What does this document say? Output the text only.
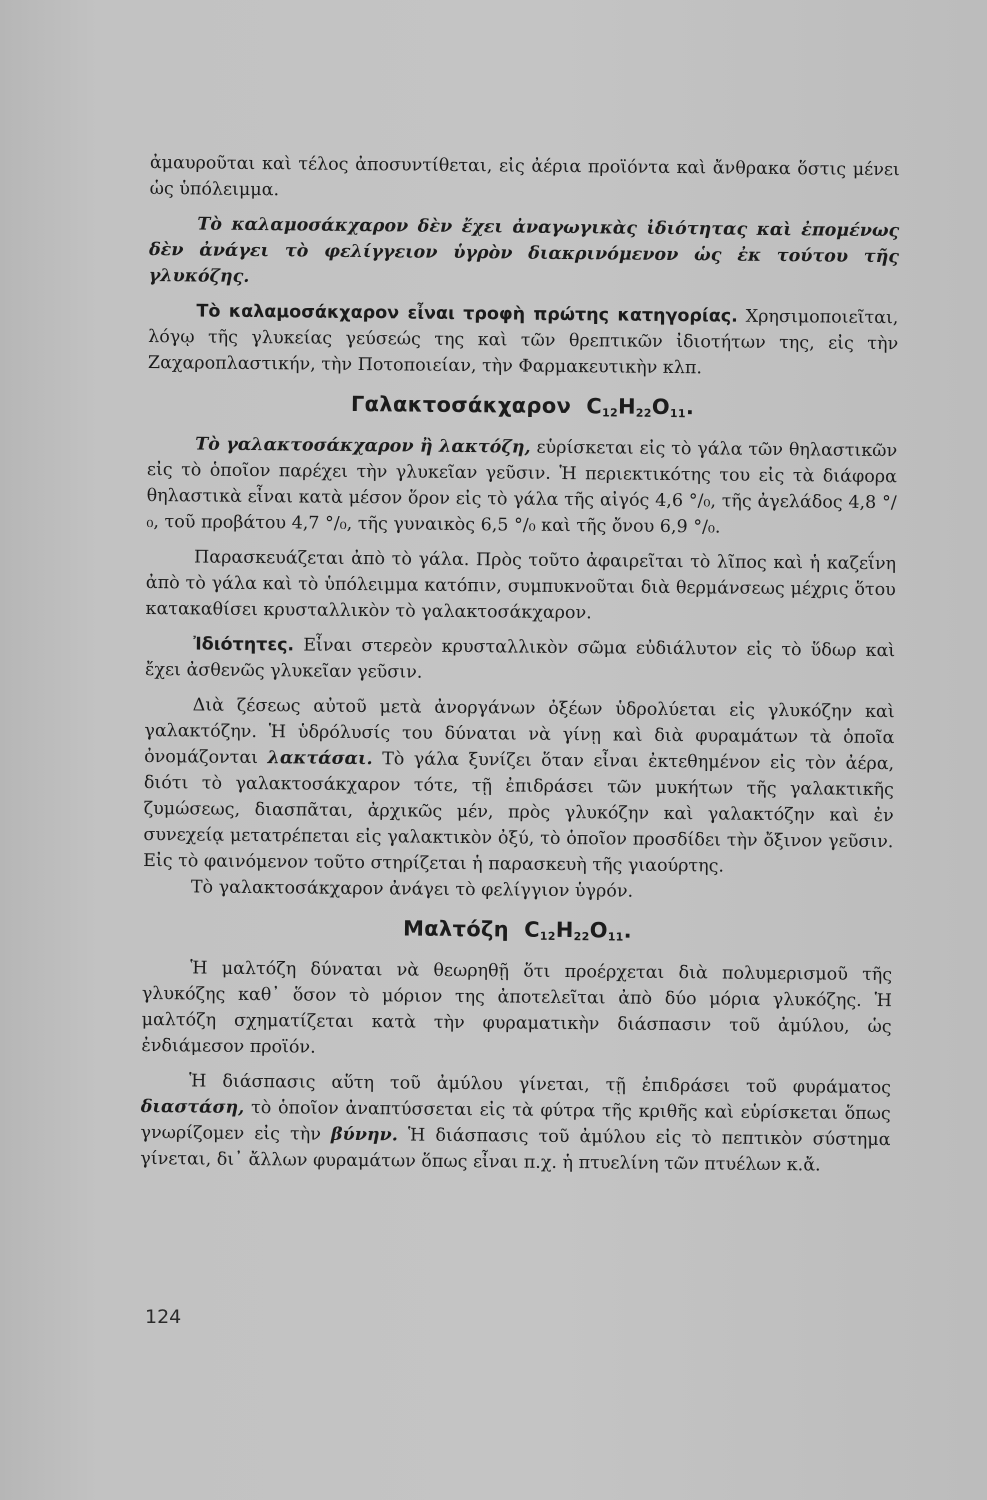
ἀμαυροῦται καὶ τέλος ἀποσυντίθεται, εἰς ἀέρια προϊόντα καὶ ἄνθρακα ὅστις μένει ὡς ὑπόλειμμα.

Τὸ καλαμοσάκχαρον δὲν ἔχει ἀναγωγικὰς ἰδιότητας καὶ ἐπομένως δὲν ἀνάγει τὸ φελίγγειον ὑγρὸν διακρινόμενον ὡς ἐκ τούτου τῆς γλυκόζης.

Τὸ καλαμοσάκχαρον εἶναι τροφὴ πρώτης κατηγορίας. Χρησιμοποιεῖται, λόγῳ τῆς γλυκείας γεύσεώς της καὶ τῶν θρεπτικῶν ἰδιοτήτων της, εἰς τὴν Ζαχαροπλαστικήν, τὴν Ποτοποιείαν, τὴν Φαρμακευτικὴν κλπ.

Γαλακτοσάκχαρον $C_{12}H_{22}O_{11}$.

Τὸ γαλακτοσάκχαρον ἢ λακτόζη, εὑρίσκεται εἰς τὸ γάλα τῶν θηλαστικῶν εἰς τὸ ὁποῖον παρέχει τὴν γλυκεῖαν γεῦσιν. Ἡ περιεκτικότης του εἰς τὰ διάφορα θηλαστικὰ εἶναι κατὰ μέσον ὅρον εἰς τὸ γάλα τῆς αἰγός 4,6 °/₀, τῆς ἀγελάδος 4,8 °/₀, τοῦ προβάτου 4,7 °/₀, τῆς γυναικὸς 6,5 °/₀ καὶ τῆς ὄνου 6,9 °/₀.

Παρασκευάζεται ἀπὸ τὸ γάλα. Πρὸς τοῦτο ἀφαιρεῖται τὸ λῖπος καὶ ἡ καζεΐνη ἀπὸ τὸ γάλα καὶ τὸ ὑπόλειμμα κατόπιν, συμπυκνοῦται διὰ θερμάνσεως μέχρις ὅτου κατακαθίσει κρυσταλλικὸν τὸ γαλακτοσάκχαρον.

Ἰδιότητες. Εἶναι στερεὸν κρυσταλλικὸν σῶμα εὐδιάλυτον εἰς τὸ ὕδωρ καὶ ἔχει ἀσθενῶς γλυκεῖαν γεῦσιν.

Διὰ ζέσεως αὐτοῦ μετὰ ἀνοργάνων ὀξέων ὑδρολύεται εἰς γλυκόζην καὶ γαλακτόζην. Ἡ ὑδρόλυσίς του δύναται νὰ γίνῃ καὶ διὰ φυραμάτων τὰ ὁποῖα ὀνομάζονται λακτάσαι. Τὸ γάλα ξυνίζει ὅταν εἶναι ἐκτεθημένον εἰς τὸν ἀέρα, διότι τὸ γαλακτοσάκχαρον τότε, τῇ ἐπιδράσει τῶν μυκήτων τῆς γαλακτικῆς ζυμώσεως, διασπᾶται, ἀρχικῶς μέν, πρὸς γλυκόζην καὶ γαλακτόζην καὶ ἐν συνεχείᾳ μετατρέπεται εἰς γαλακτικὸν ὀξύ, τὸ ὁποῖον προσδίδει τὴν ὄξινον γεῦσιν. Εἰς τὸ φαινόμενον τοῦτο στηρίζεται ἡ παρασκευὴ τῆς γιαούρτης.

Τὸ γαλακτοσάκχαρον ἀνάγει τὸ φελίγγιον ὑγρόν.

Μαλτόζη $C_{12}H_{22}O_{11}$.

Ἡ μαλτόζη δύναται νὰ θεωρηθῇ ὅτι προέρχεται διὰ πολυμερισμοῦ τῆς γλυκόζης καθ᾿ ὅσον τὸ μόριον της ἀποτελεῖται ἀπὸ δύο μόρια γλυκόζης. Ἡ μαλτόζη σχηματίζεται κατὰ τὴν φυραματικὴν διάσπασιν τοῦ ἀμύλου, ὡς ἐνδιάμεσον προϊόν.

Ἡ διάσπασις αὕτη τοῦ ἀμύλου γίνεται, τῇ ἐπιδράσει τοῦ φυράματος διαστάση, τὸ ὁποῖον ἀναπτύσσεται εἰς τὰ φύτρα τῆς κριθῆς καὶ εὑρίσκεται ὅπως γνωρίζομεν εἰς τὴν βύνην. Ἡ διάσπασις τοῦ ἀμύλου εἰς τὸ πεπτικὸν σύστημα γίνεται, δι᾿ ἄλλων φυραμάτων ὅπως εἶναι π.χ. ἡ πτυελίνη τῶν πτυέλων κ.ἄ.

124
